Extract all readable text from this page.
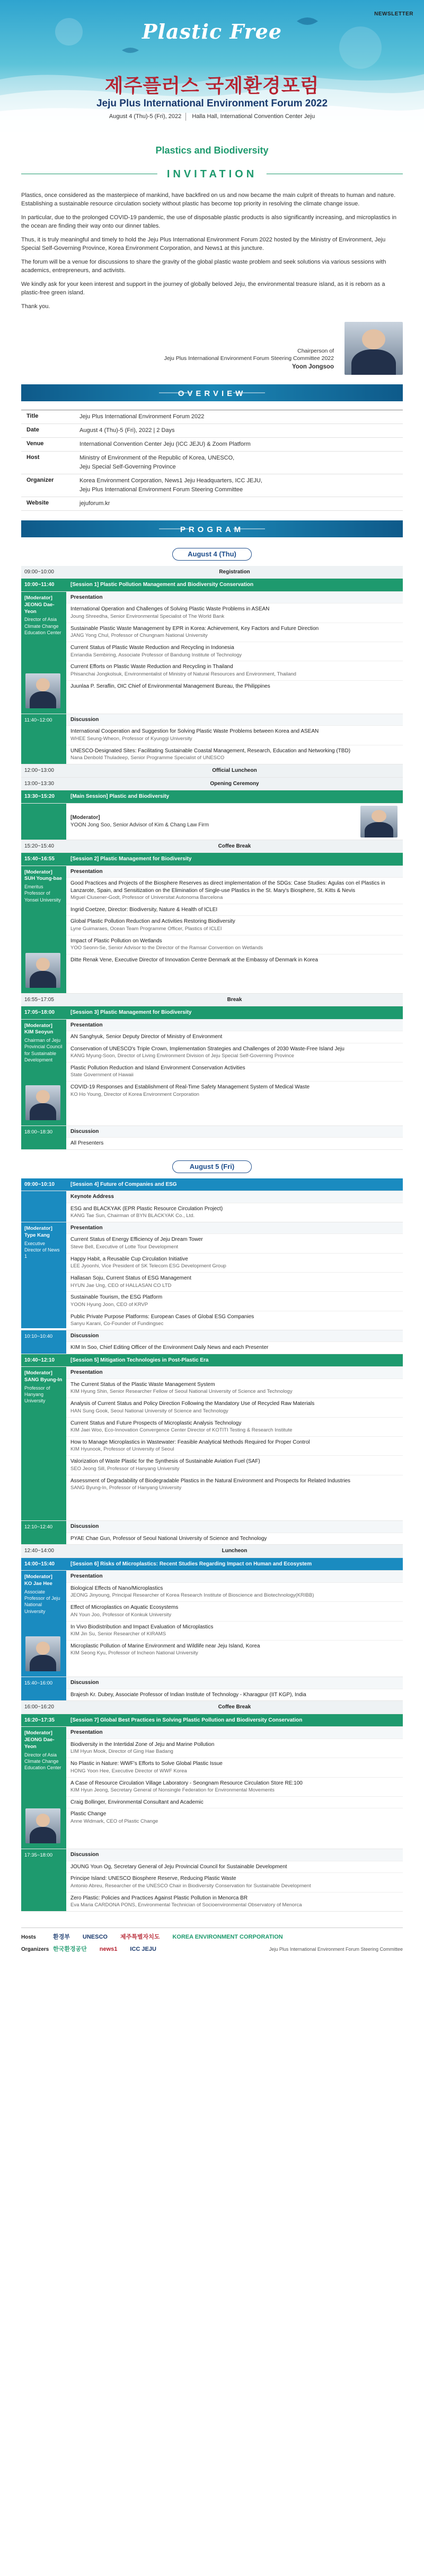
NEWSLETTER
Plastic Free
제주플러스 국제환경포럼
Jeju Plus International Environment Forum 2022
August 4 (Thu)-5 (Fri), 2022 Halla Hall, International Convention Center Jeju
Plastics and Biodiversity
INVITATION

Plastics, once considered as the masterpiece of mankind, have backfired on us and now became the main culprit of threats to human and nature. Establishing a sustainable resource circulation society without plastic has become top priority in resolving the climate change issue.

In particular, due to the prolonged COVID-19 pandemic, the use of disposable plastic products is also significantly increasing, and microplastics in the ocean are finding their way onto our dinner tables.

Thus, it is truly meaningful and timely to hold the Jeju Plus International Environment Forum 2022 hosted by the Ministry of Environment, Jeju Special Self-Governing Province, Korea Environment Corporation, and News1 at this juncture.

The forum will be a venue for discussions to share the gravity of the global plastic waste problem and seek solutions via various sessions with academics, entrepreneurs, and activists.

We kindly ask for your keen interest and support in the journey of globally beloved Jeju, the environmental treasure island, as it is reborn as a plastic-free green island.

Thank you.

Chairperson of
Jeju Plus International Environment Forum Steering Committee 2022
Yoon Jongsoo
OVERVIEW
Title	Jeju Plus International Environment Forum 2022
Date	August 4 (Thu)-5 (Fri), 2022 | 2 Days
Venue	International Convention Center Jeju (ICC JEJU) & Zoom Platform
Host	Ministry of Environment of the Republic of Korea, UNESCO,
Jeju Special Self-Governing Province
Organizer	Korea Environment Corporation, News1 Jeju Headquarters, ICC JEJU,
Jeju Plus International Environment Forum Steering Committee
Website	jejuforum.kr
PROGRAM
August 4 (Thu)
09:00~10:00	Registration
10:00~11:40	[Session 1] Plastic Pollution Management and Biodiversity Conservation
[Moderator]
JEONG Dae-Yeon
Director of Asia Climate Change Education Center
Presentation
International Operation and Challenges of Solving Plastic Waste Problems in ASEAN
Joung Shreedha, Senior Environmental Specialist of The World Bank
Sustainable Plastic Waste Management by EPR in Korea: Achievement, Key Factors and Future Direction
JANG Yong Chul, Professor of Chungnam National University
Current Status of Plastic Waste Reduction and Recycling in Indonesia
Enriandia Sembiring, Associate Professor of Bandung Institute of Technology
Current Efforts on Plastic Waste Reduction and Recycling in Thailand
Phisanchai Jongkolsuk, Environmentalist of Ministry of Natural Resources and Environment, Thailand
Juunlaa P. Seraflin, OIC Chief of Environmental Management Bureau, the Philippines
11:40~12:00	Discussion
International Cooperation and Suggestion for Solving Plastic Waste Problems between Korea and ASEAN
WHEE Seung-Wheon, Professor of Kyunggi University
UNESCO-Designated Sites: Facilitating Sustainable Coastal Management, Research, Education and Networking (TBD)
Nana Denbold Thuladeep, Senior Programme Specialist of UNESCO
12:00~13:00	Official Luncheon
13:00~13:30	Opening Ceremony
13:30~15:20	[Main Session] Plastic and Biodiversity
[Moderator]
YOON Jong Soo, Senior Advisor of Kim & Chang Law Firm
15:20~15:40	Coffee Break
15:40~16:55	[Session 2] Plastic Management for Biodiversity
[Moderator]
SUH Young-bae
Emeritus Professor of Yonsei University
Presentation
Good Practices and Projects of the Biosphere Reserves as direct implementation of the SDGs: Case Studies: Agulas con el Plastics in Lanzarote, Spain, and Sensitization on the Elimination of Single-use Plastics in the St. Mary's Biosphere, St. Kitts & Nevis
Miguel Clusener-Godt, Professor of Universitat Autonoma Barcelona
Ingrid Coetzee, Director: Biodiversity, Nature & Health of ICLEI
Global Plastic Pollution Reduction and Activities Restoring Biodiversity
Lyne Guimaraes, Ocean Team Programme Officer, Plastics of ICLEI
Impact of Plastic Pollution on Wetlands
YOO Seonn-Se, Senior Advisor to the Director of the Ramsar Convention on Wetlands
Ditte Renak Vene, Executive Director of Innovation Centre Denmark at the Embassy of Denmark in Korea
16:55~17:05	Break
17:05~18:00	[Session 3] Plastic Management for Biodiversity
[Moderator]
KIM Seoyun
Chairman of Jeju Provincial Council for Sustainable Development
Presentation
AN Sanghyuk, Senior Deputy Director of Ministry of Environment
Conservation of UNESCO's Triple Crown, Implementation Strategies and Challenges of 2030 Waste-Free Island Jeju
KANG Myung-Soon, Director of Living Environment Division of Jeju Special Self-Governing Province
Plastic Pollution Reduction and Island Environment Conservation Activities
State Government of Hawaii
COVID-19 Responses and Establishment of Real-Time Safety Management System of Medical Waste
KO Ho Young, Director of Korea Environment Corporation
18:00~18:30	Discussion
All Presenters
August 5 (Fri)
09:00~10:10	[Session 4] Future of Companies and ESG
Keynote Address
ESG and BLACKYAK (EPR Plastic Resource Circulation Project)
KANG Tae Sun, Chairman of BYN BLACKYAK Co., Ltd.
[Moderator]
Type Kang
Executive Director of News 1
Presentation
Current Status of Energy Efficiency of Jeju Dream Tower
Steve Bell, Executive of Lotte Tour Development
Happy Habit, a Reusable Cup Circulation Initiative
LEE Jyoonhi, Vice President of SK Telecom ESG Development Group
Hallasan Soju, Current Status of ESG Management
HYUN Jae Ung, CEO of HALLASAN CO LTD
Sustainable Tourism, the ESG Platform
YOON Hyung Joon, CEO of KRVP
Public Private Purpose Platforms: European Cases of Global ESG Companies
Sanyu Karani, Co-Founder of Fundingsec
10:10~10:40	Discussion
KIM In Soo, Chief Editing Officer of the Environment Daily News and each Presenter
10:40~12:10	[Session 5] Mitigation Technologies in Post-Plastic Era
[Moderator]
SANG Byung-In
Professor of Hanyang University
Presentation
The Current Status of the Plastic Waste Management System
KIM Hyung Shin, Senior Researcher Fellow of Seoul National University of Science and Technology
Analysis of Current Status and Policy Direction Following the Mandatory Use of Recycled Raw Materials
HAN Sung Gook, Seoul National University of Science and Technology
Current Status and Future Prospects of Microplastic Analysis Technology
KIM Jaei Woo, Eco-Innovation Convergence Center Director of KOTITI Testing & Research Institute
How to Manage Microplastics in Wastewater: Feasible Analytical Methods Required for Proper Control
KIM Hyunook, Professor of University of Seoul
Valorization of Waste Plastic for the Synthesis of Sustainable Aviation Fuel (SAF)
SEO Jeong Sill, Professor of Hanyang University
Assessment of Degradability of Biodegradable Plastics in the Natural Environment and Prospects for Related Industries
SANG Byung-In, Professor of Hanyang University
12:10~12:40	Discussion
PYAE Chae Gun, Professor of Seoul National University of Science and Technology
12:40~14:00	Luncheon
14:00~15:40	[Session 6] Risks of Microplastics: Recent Studies Regarding Impact on Human and Ecosystem
[Moderator]
KO Jae Hee
Associate Professor of Jeju National University
Presentation
Biological Effects of Nano/Microplastics
JEONG Jinyoung, Principal Researcher of Korea Research Institute of Bioscience and Biotechnology(KRIBB)
Effect of Microplastics on Aquatic Ecosystems
AN Youn Joo, Professor of Konkuk University
In Vivo Biodistribution and Impact Evaluation of Microplastics
KIM Jin Su, Senior Researcher of KIRAMS
Microplastic Pollution of Marine Environment and Wildlife near Jeju Island, Korea
KIM Seong Kyu, Professor of Incheon National University
15:40~16:00	Discussion
Brajesh Kr. Dubey, Associate Professor of Indian Institute of Technology - Kharagpur (IIT KGP), India
16:00~16:20	Coffee Break
16:20~17:35	[Session 7] Global Best Practices in Solving Plastic Pollution and Biodiversity Conservation
[Moderator]
JEONG Dae-Yeon
Director of Asia Climate Change Education Center
Presentation
Biodiversity in the Intertidal Zone of Jeju and Marine Pollution
LIM Hyun Mook, Director of Ging Hae Badang
No Plastic in Nature: WWF's Efforts to Solve Global Plastic Issue
HONG Yoon Hee, Executive Director of WWF Korea
A Case of Resource Circulation Village Laboratory - Seongnam Resource Circulation Store RE:100
KIM Hyun Jeong, Secretary General of Nonsingle Federation for Environmental Movements
Craig Bollinger, Environmental Consultant and Academic
Plastic Change
Anne Widmark, CEO of Plastic Change
17:35~18:00	Discussion
JOUNG Youn Og, Secretary General of Jeju Provincial Council for Sustainable Development
Principe Island: UNESCO Biosphere Reserve, Reducing Plastic Waste
Antonio Abreu, Researcher of the UNESCO Chair in Biodiversity Conservation for Sustainable Development
Zero Plastic: Policies and Practices Against Plastic Pollution in Menorca BR
Eva Maria CARDONA PONS, Environmental Technician of Socioenvironmental Observatory of Menorca
Hosts	환경부 UNESCO 제주특별자치도 KOREA ENVIRONMENT CORPORATION
Organizers 한국환경공단 news1 ICC JEJU	Jeju Plus International Environment Forum Steering Committee
